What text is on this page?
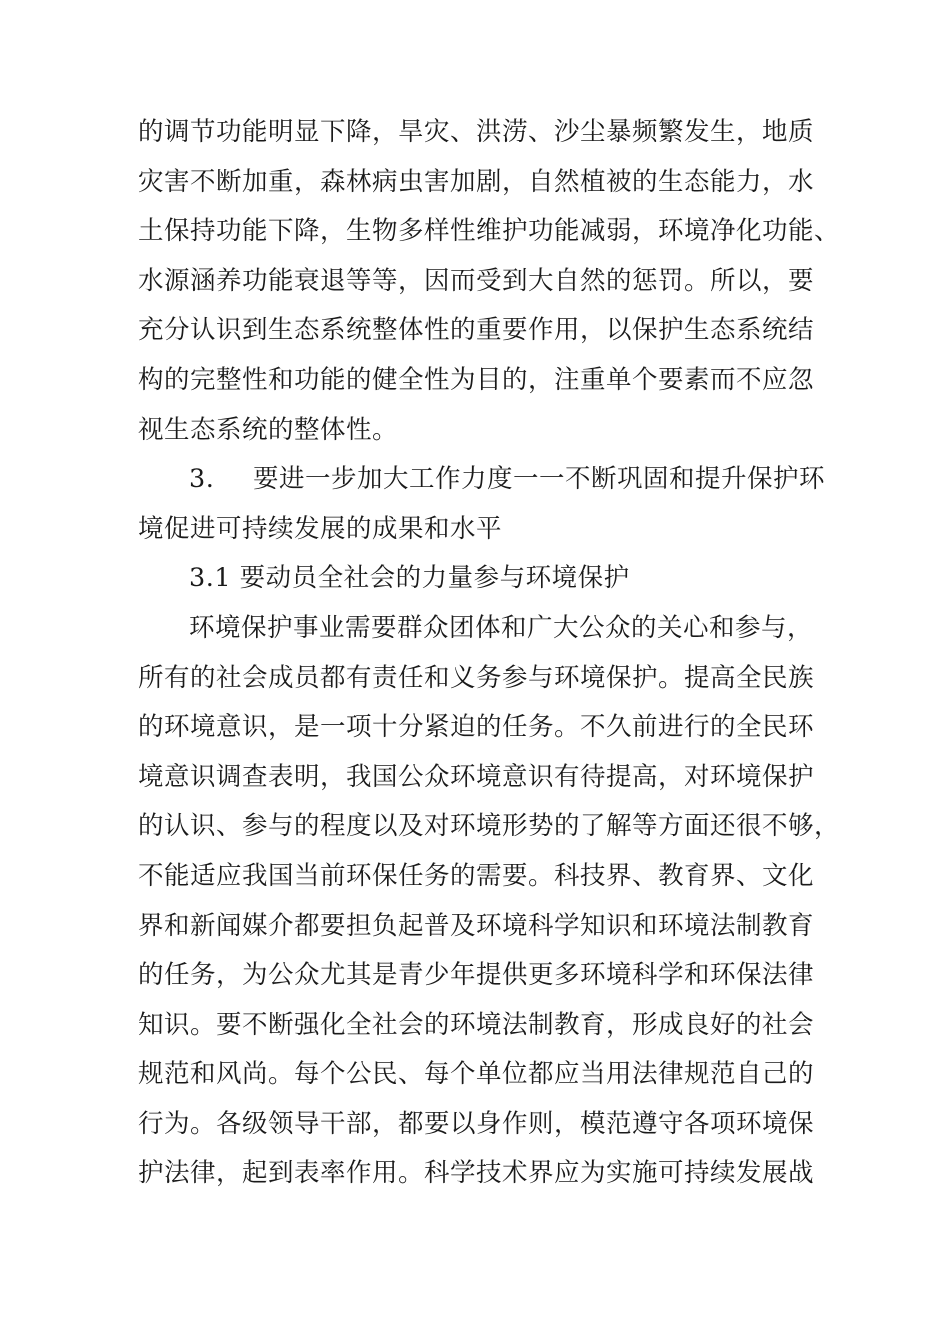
的调节功能明显下降，旱灾、洪涝、沙尘暴频繁发生，地质
灾害不断加重，森林病虫害加剧，自然植被的生态能力，水
土保持功能下降，生物多样性维护功能减弱，环境净化功能、
水源涵养功能衰退等等，因而受到大自然的惩罚。所以，要
充分认识到生态系统整体性的重要作用，以保护生态系统结
构的完整性和功能的健全性为目的，注重单个要素而不应忽
视生态系统的整体性。
3. 要进一步加大工作力度一一不断巩固和提升保护环
境促进可持续发展的成果和水平
3.1 要动员全社会的力量参与环境保护
环境保护事业需要群众团体和广大公众的关心和参与，
所有的社会成员都有责任和义务参与环境保护。提高全民族
的环境意识，是一项十分紧迫的任务。不久前进行的全民环
境意识调查表明，我国公众环境意识有待提高，对环境保护
的认识、参与的程度以及对环境形势的了解等方面还很不够，
不能适应我国当前环保任务的需要。科技界、教育界、文化
界和新闻媒介都要担负起普及环境科学知识和环境法制教育
的任务，为公众尤其是青少年提供更多环境科学和环保法律
知识。要不断强化全社会的环境法制教育，形成良好的社会
规范和风尚。每个公民、每个单位都应当用法律规范自己的
行为。各级领导干部，都要以身作则，模范遵守各项环境保
护法律，起到表率作用。科学技术界应为实施可持续发展战
